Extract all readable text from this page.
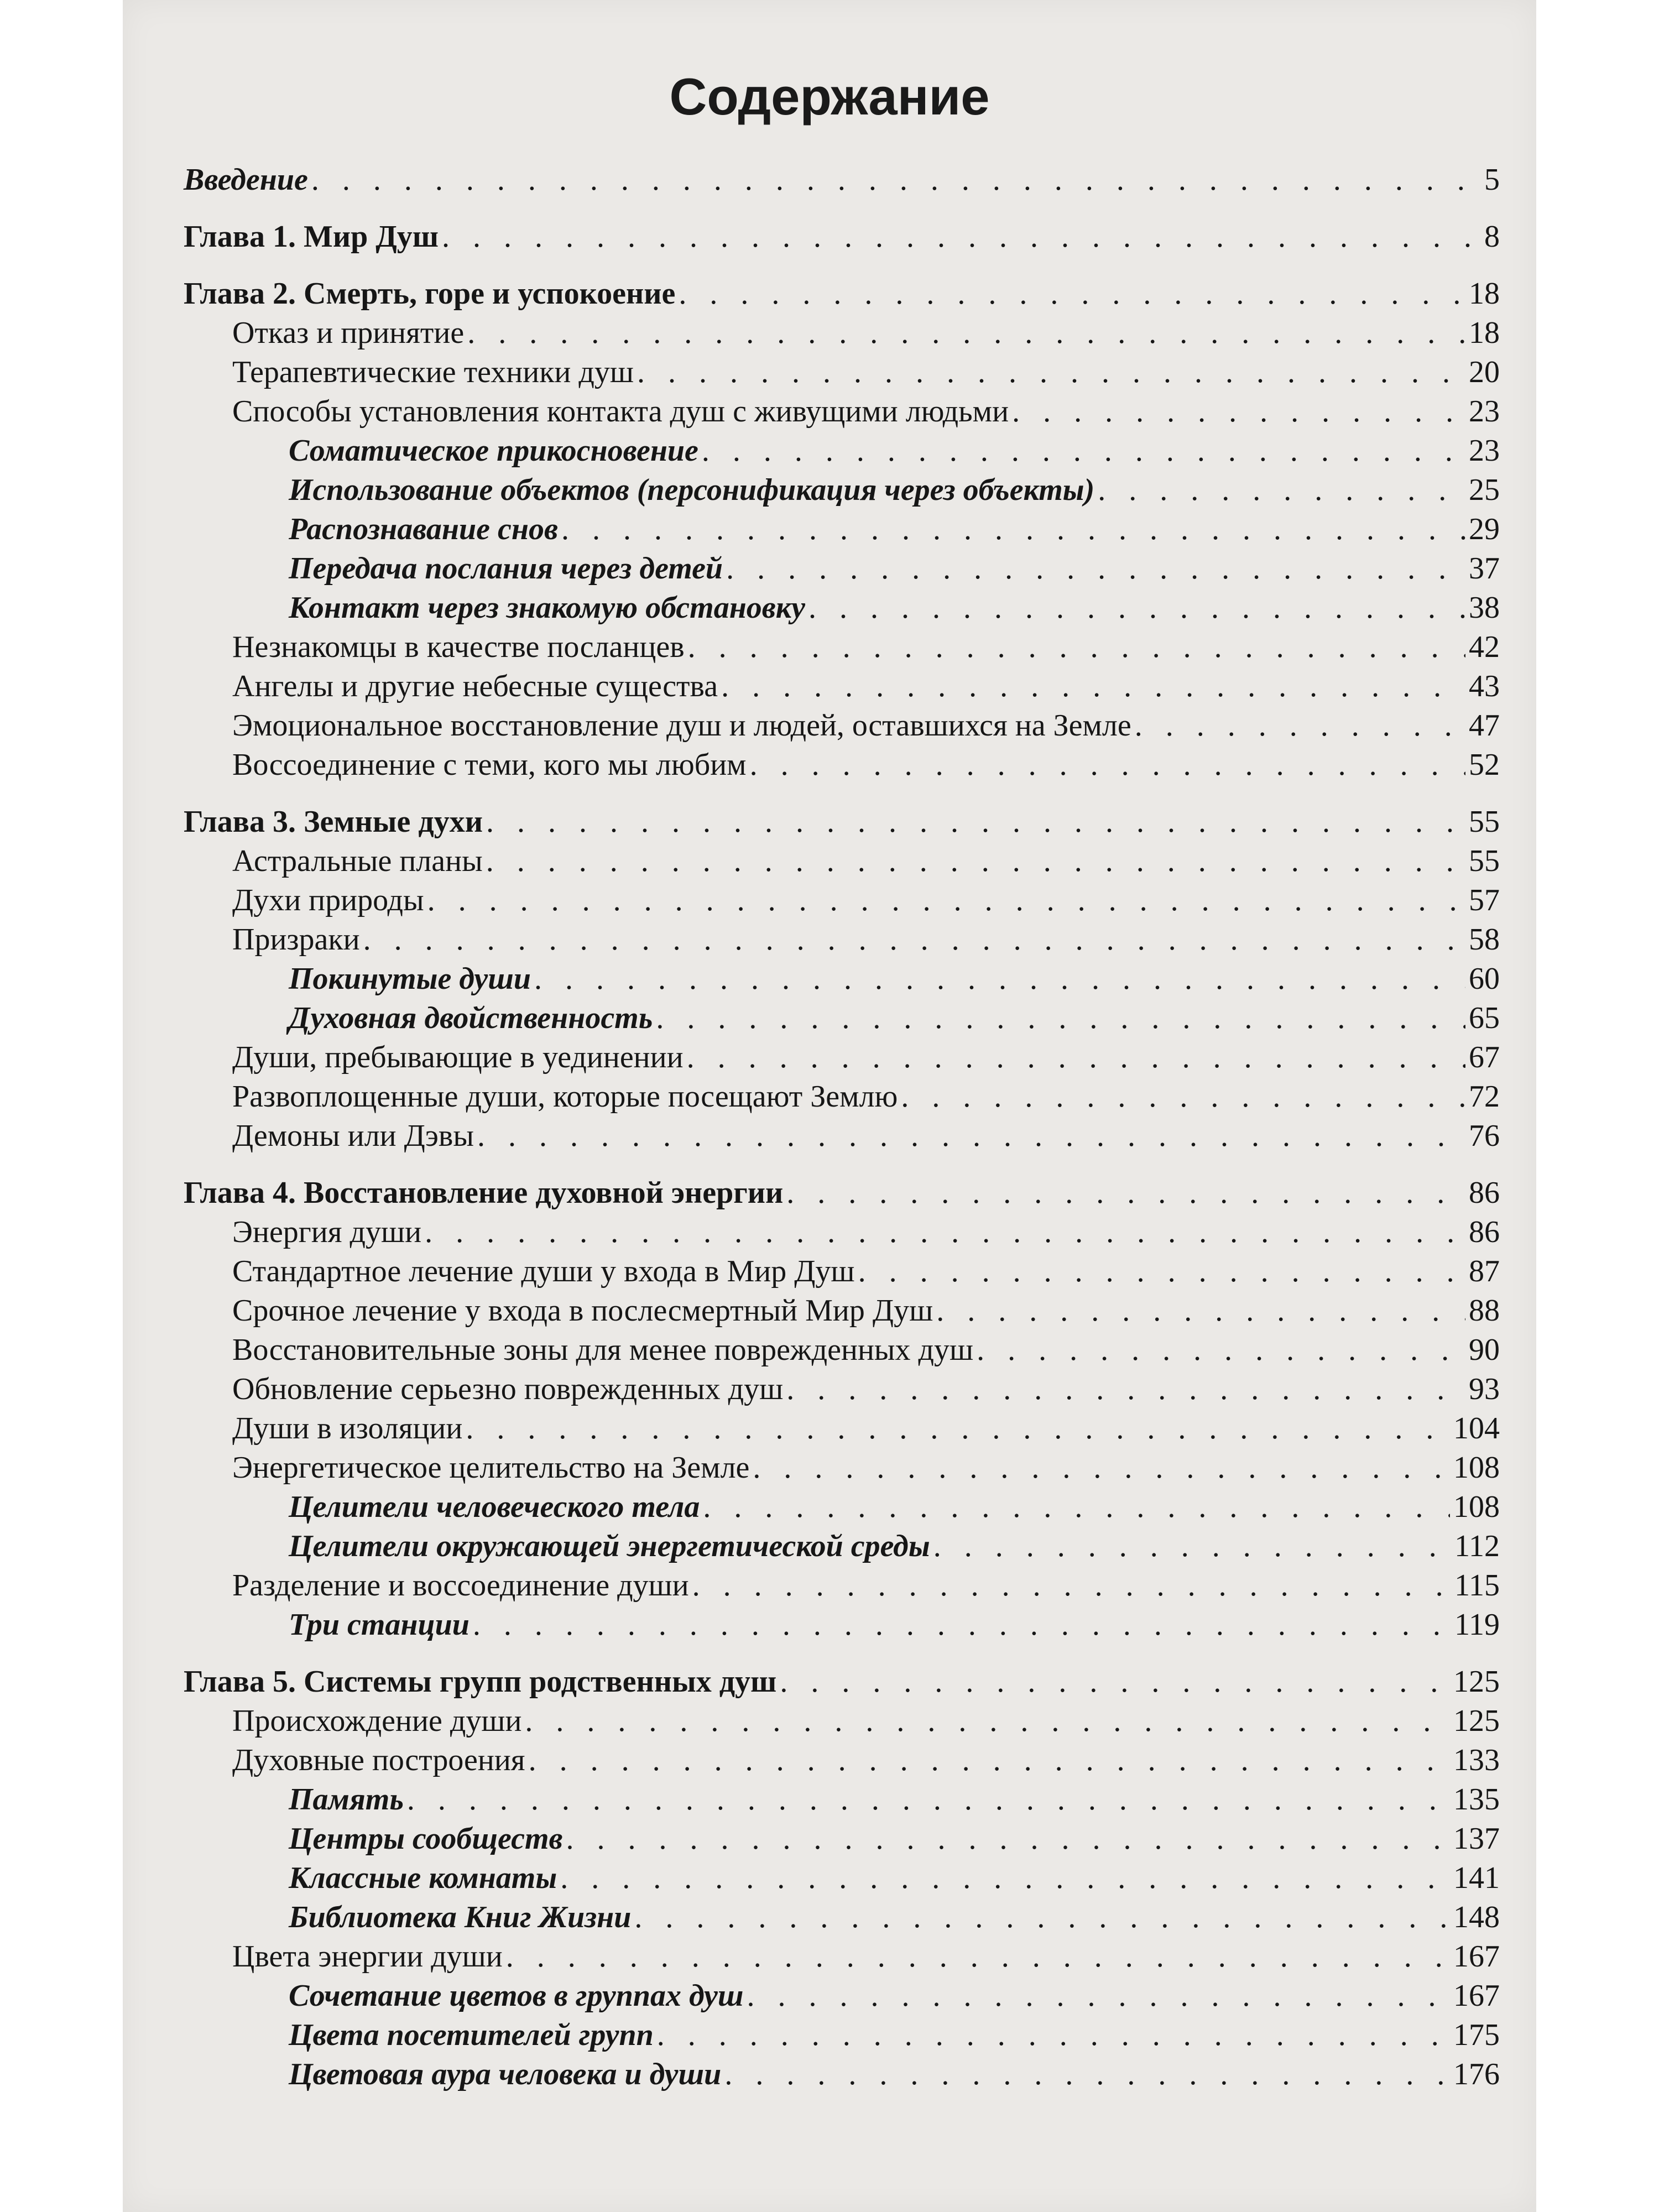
Содержание
Введение . . .	5
Глава 1. Мир Душ . . .	8
Глава 2. Смерть, горе и успокоение . . .	18
Отказ и принятие . . .	18
Терапевтические техники душ . . .	20
Способы установления контакта душ с живущими людьми . . .	23
Соматическое прикосновение . . .	23
Использование объектов (персонификация через объекты) . . .	25
Распознавание снов . . .	29
Передача послания через детей . . .	37
Контакт через знакомую обстановку . . .	38
Незнакомцы в качестве посланцев . . .	42
Ангелы и другие небесные существа . . .	43
Эмоциональное восстановление душ и людей, оставшихся на Земле . . .	47
Воссоединение с теми, кого мы любим . . .	52
Глава 3. Земные духи . . .	55
Астральные планы . . .	55
Духи природы . . .	57
Призраки . . .	58
Покинутые души . . .	60
Духовная двойственность . . .	65
Души, пребывающие в уединении . . .	67
Развоплощенные души, которые посещают Землю . . .	72
Демоны или Дэвы . . .	76
Глава 4. Восстановление духовной энергии . . .	86
Энергия души . . .	86
Стандартное лечение души у входа в Мир Душ . . .	87
Срочное лечение у входа в послесмертный Мир Душ . . .	88
Восстановительные зоны для менее поврежденных душ . . .	90
Обновление серьезно поврежденных душ . . .	93
Души в изоляции . . .	104
Энергетическое целительство на Земле . . .	108
Целители человеческого тела . . .	108
Целители окружающей энергетической среды . . .	112
Разделение и воссоединение души . . .	115
Три станции . . .	119
Глава 5. Системы групп родственных душ . . .	125
Происхождение души . . .	125
Духовные построения . . .	133
Память . . .	135
Центры сообществ . . .	137
Классные комнаты . . .	141
Библиотека Книг Жизни . . .	148
Цвета энергии души . . .	167
Сочетание цветов в группах душ . . .	167
Цвета посетителей групп . . .	175
Цветовая аура человека и души . . .	176
